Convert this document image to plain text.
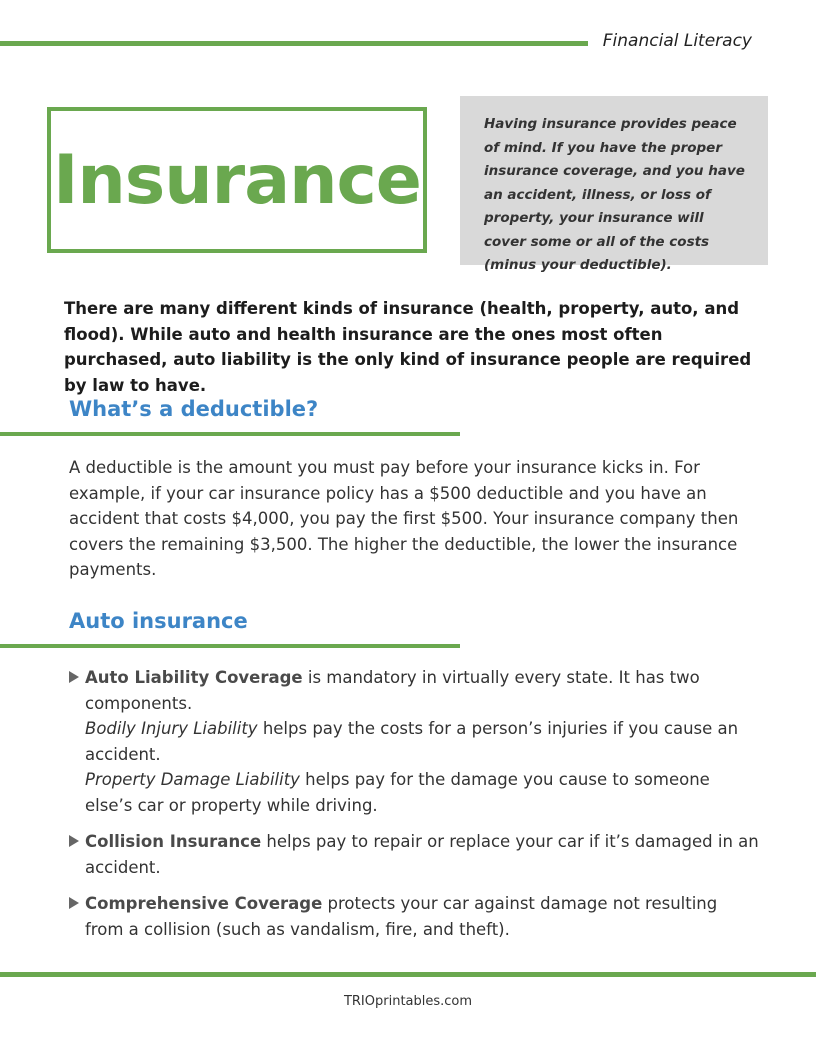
Financial Literacy
Insurance
Having insurance provides peace of mind. If you have the proper insurance coverage, and you have an accident, illness, or loss of property, your insurance will cover some or all of the costs (minus your deductible).
There are many different kinds of insurance (health, property, auto, and flood). While auto and health insurance are the ones most often purchased, auto liability is the only kind of insurance people are required by law to have.
What’s a deductible?
A deductible is the amount you must pay before your insurance kicks in. For example, if your car insurance policy has a $500 deductible and you have an accident that costs $4,000, you pay the first $500. Your insurance company then covers the remaining $3,500. The higher the deductible, the lower the insurance payments.
Auto insurance
Auto Liability Coverage is mandatory in virtually every state. It has two components.
Bodily Injury Liability helps pay the costs for a person’s injuries if you cause an accident.
Property Damage Liability helps pay for the damage you cause to someone else’s car or property while driving.
Collision Insurance helps pay to repair or replace your car if it’s damaged in an accident.
Comprehensive Coverage protects your car against damage not resulting from a collision (such as vandalism, fire, and theft).
TRIOprintables.com
